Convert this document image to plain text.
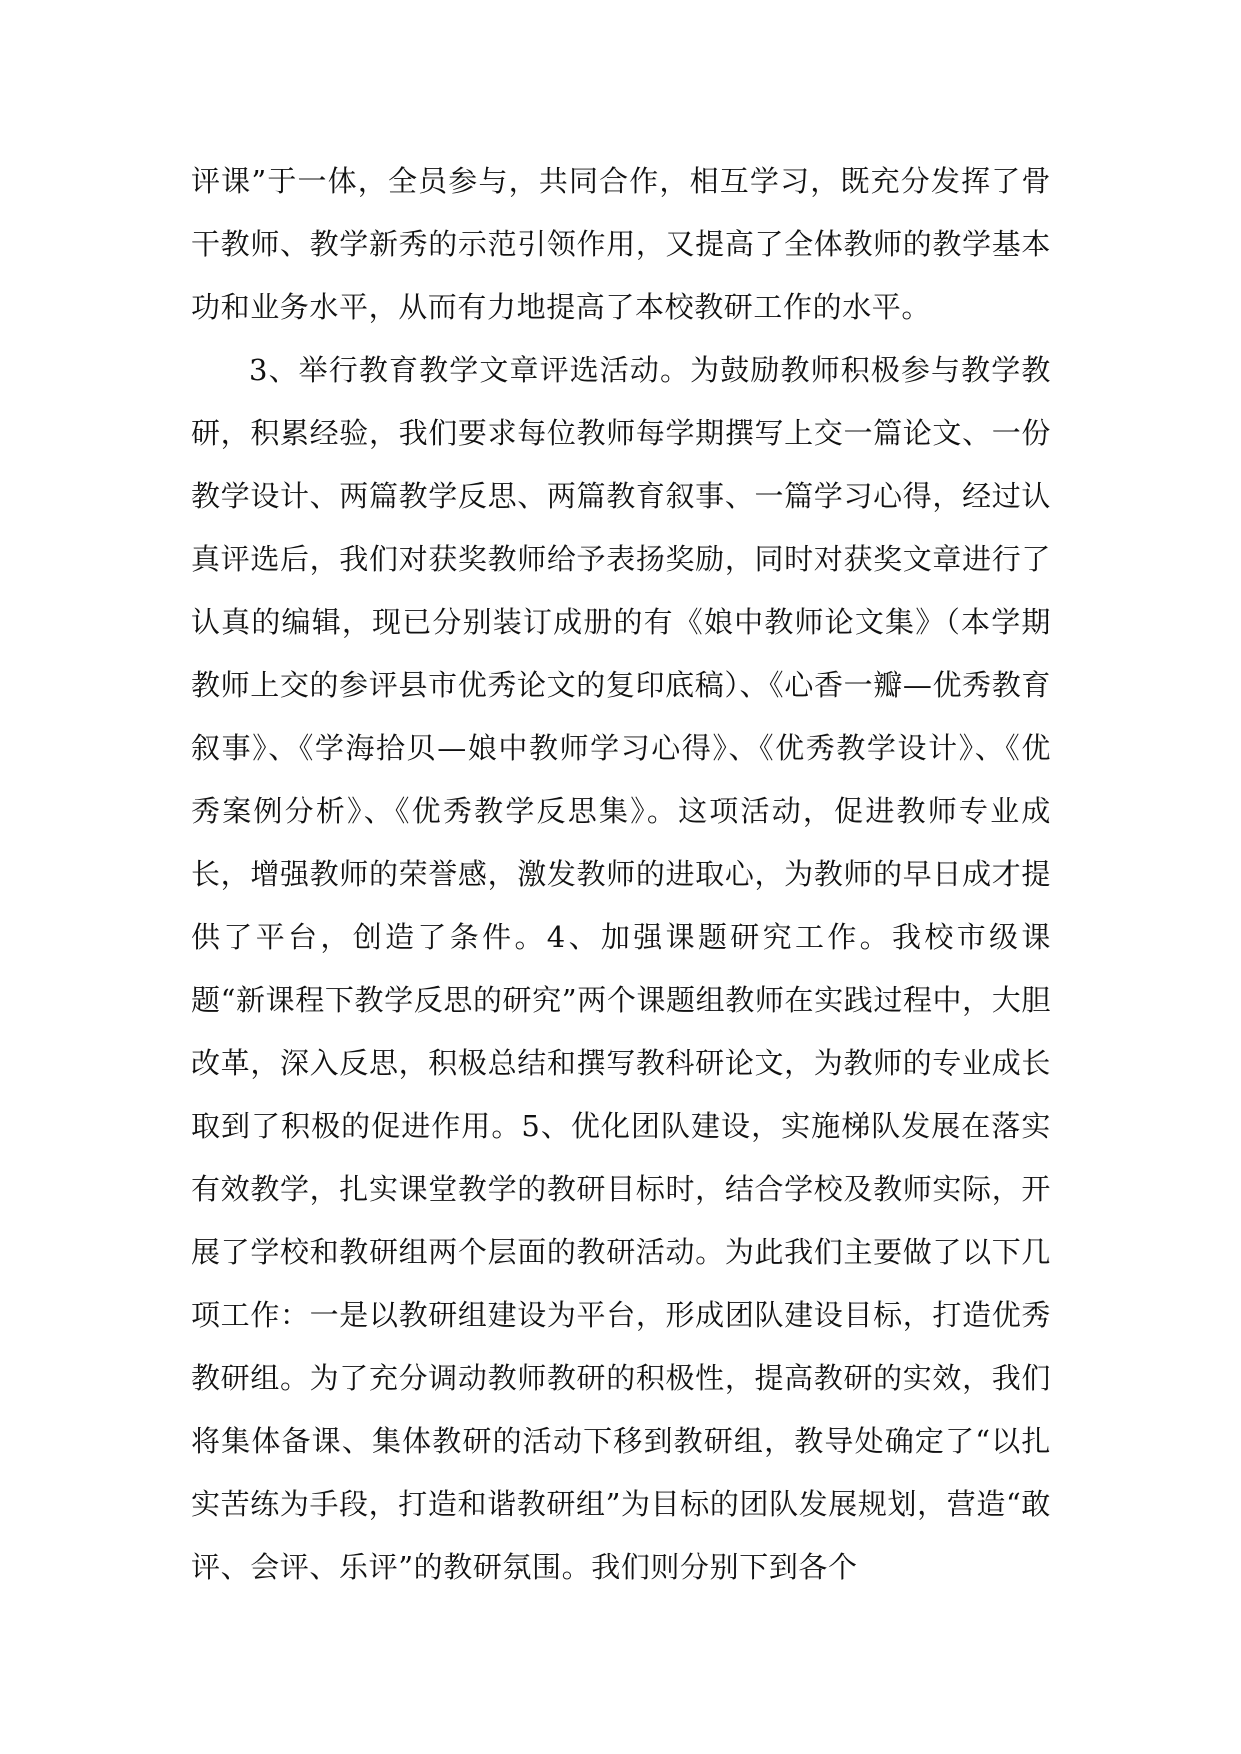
评课”于一体，全员参与，共同合作，相互学习，既充分发挥了骨干教师、教学新秀的示范引领作用，又提高了全体教师的教学基本功和业务水平，从而有力地提高了本校教研工作的水平。

3、举行教育教学文章评选活动。为鼓励教师积极参与教学教研，积累经验，我们要求每位教师每学期撰写上交一篇论文、一份教学设计、两篇教学反思、两篇教育叙事、一篇学习心得，经过认真评选后，我们对获奖教师给予表扬奖励，同时对获奖文章进行了认真的编辑，现已分别装订成册的有《娘中教师论文集》（本学期教师上交的参评县市优秀论文的复印底稿）、《心香一瓣—优秀教育叙事》、《学海拾贝—娘中教师学习心得》、《优秀教学设计》、《优秀案例分析》、《优秀教学反思集》。这项活动，促进教师专业成长，增强教师的荣誉感，激发教师的进取心，为教师的早日成才提供了平台，创造了条件。4、加强课题研究工作。我校市级课题“新课程下教学反思的研究”两个课题组教师在实践过程中，大胆改革，深入反思，积极总结和撰写教科研论文，为教师的专业成长取到了积极的促进作用。5、优化团队建设，实施梯队发展在落实有效教学，扎实课堂教学的教研目标时，结合学校及教师实际，开展了学校和教研组两个层面的教研活动。为此我们主要做了以下几项工作：一是以教研组建设为平台，形成团队建设目标，打造优秀教研组。为了充分调动教师教研的积极性，提高教研的实效，我们将集体备课、集体教研的活动下移到教研组，教导处确定了“以扎实苦练为手段，打造和谐教研组”为目标的团队发展规划，营造“敢评、会评、乐评”的教研氛围。我们则分别下到各个
